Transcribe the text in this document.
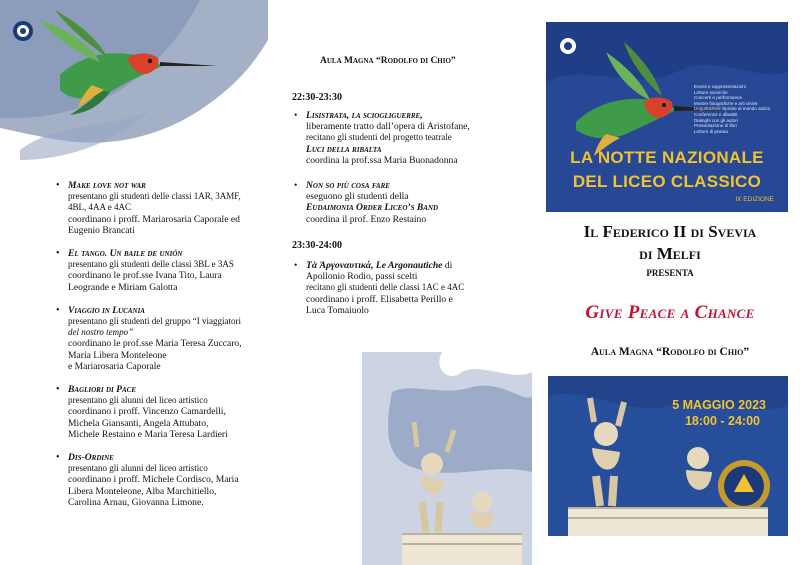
• Make love not war
presentano gli studenti delle classi 1AR, 3AMF,
4BL, 4AA e 4AC
coordinano i proff. Mariarosaria Caporale ed
Eugenio Brancati
• El tango. Un baile de unión
presentano gli studenti delle classi 3BL e 3AS
coordinano le prof.sse Ivana Tito, Laura
Leogrande e Miriam Galotta
• Viaggio in Lucania
presentano gli studenti del gruppo “I viaggiatori
del nostro tempo”
coordinano le prof.sse Maria Teresa Zuccaro,
Maria Libera Monteleone
e Mariarosaria Caporale
• Bagliori di Pace
presentano gli alunni del liceo artistico
coordinano i proff. Vincenzo Camardelli,
Michela Giansanti, Angela Attubato,
Michele Restaino e Maria Teresa Lardieri
• Dis-Ordine
presentano gli alunni del liceo artistico
coordinano i proff. Michele Cordisco, Maria
Libera Monteleone, Alba Marchitiello,
Carolina Arnau, Giovanna Limone.
Aula Magna “Rodolfo di Chio”
22:30-23:30
• Lisistrata, la sciogliguerre,
liberamente tratto dall’opera di Aristofane,
recitano gli studenti del progetto teatrale
Luci della ribalta
coordina la prof.ssa Maria Buonadonna
• Non so più cosa fare
eseguono gli studenti della
Eudaimonia Order Liceo’s Band
coordina il prof. Enzo Restaino
23:30-24:00
• Τὰ Ἀργοναυτικά, Le Argonautiche di
Apollonio Rodio, passi scelti
recitano gli studenti delle classi 1AC e 4AC
coordinano i proff. Elisabetta Perillo e
Luca Tomaiuolo
Eventi e rappresentazioni
Letture sceniche
Concerti e performance
Mostre fotografiche e arti visive
Degustazioni ispirate al mondo antico
Conferenze e dibattiti
Dialoghi con gli autori
Presentazione di libri
Letture di poesia
LA NOTTE NAZIONALE
DEL LICEO CLASSICO
IX EDIZIONE
Il Federico II di Svevia
di Melfi
presenta
Give Peace a Chance
Aula Magna “Rodolfo di Chio”
5 MAGGIO 2023
18:00 - 24:00
